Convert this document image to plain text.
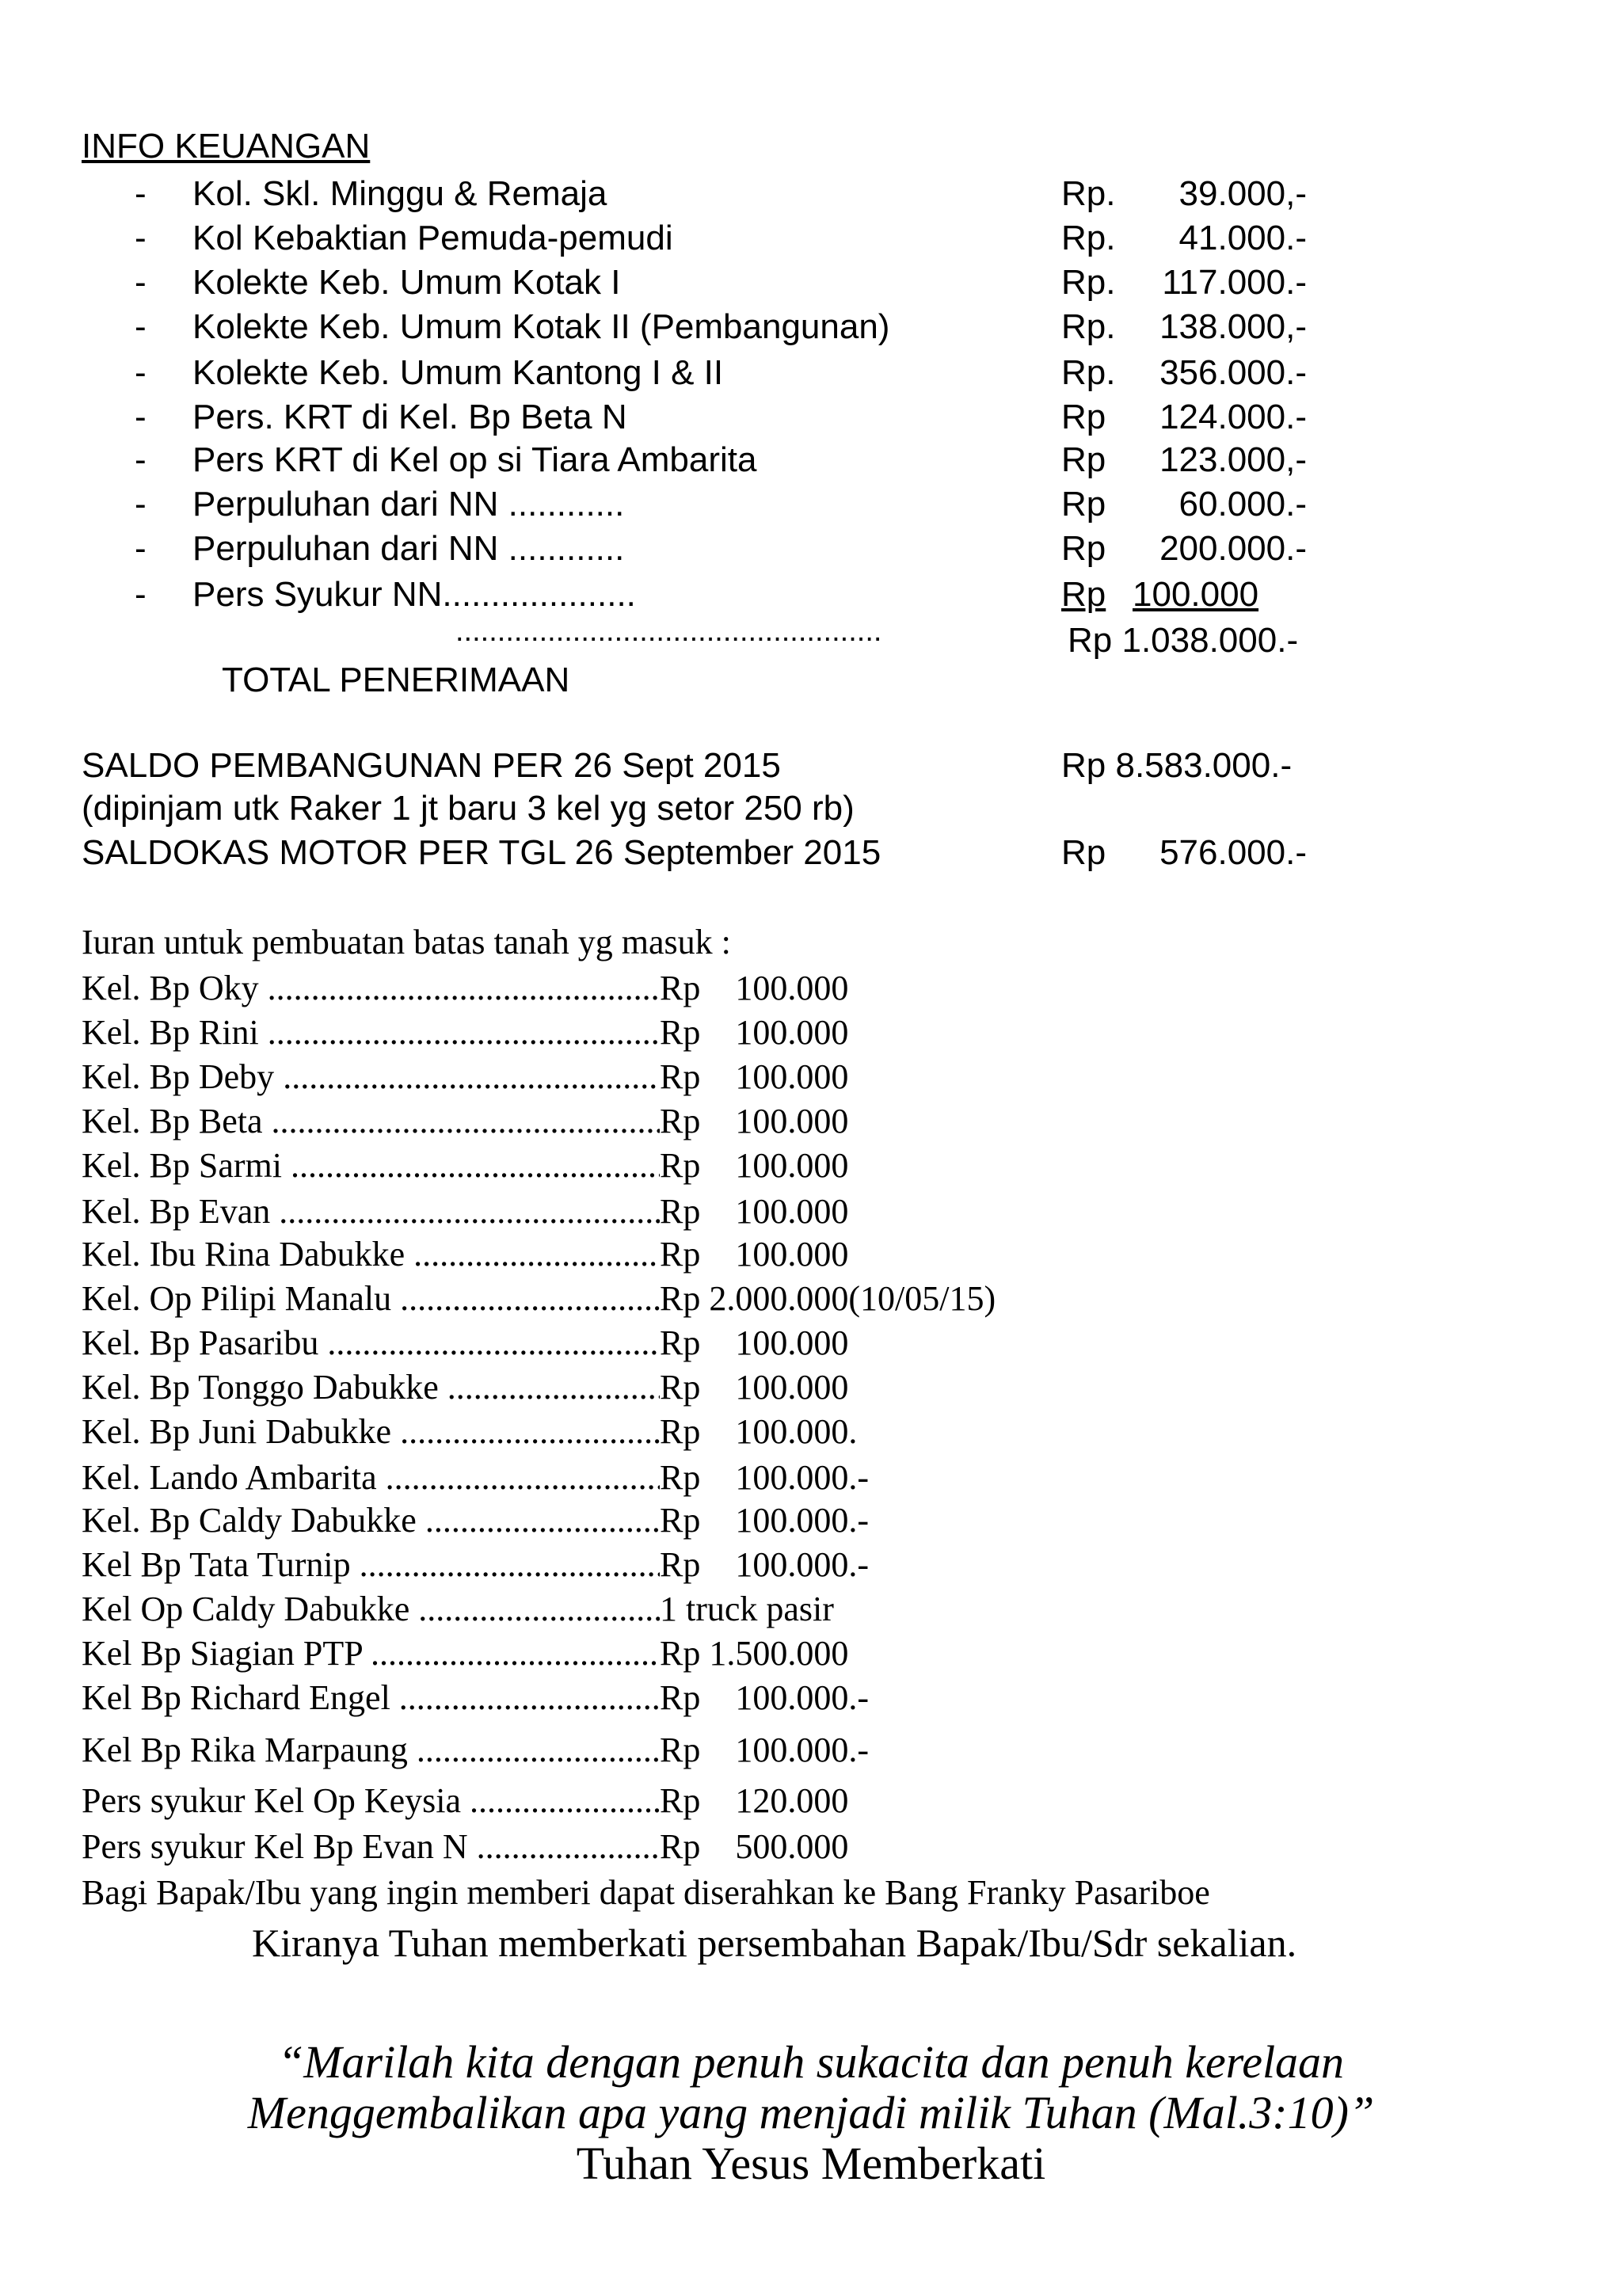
INFO KEUANGAN
- Kol. Skl. Minggu & Remaja	Rp.	39.000,-
- Kol Kebaktian Pemuda-pemudi	Rp.	41.000.-
- Kolekte Keb. Umum Kotak I	Rp.	117.000.-
- Kolekte Keb. Umum Kotak II (Pembangunan)	Rp.	138.000,-
- Kolekte Keb. Umum Kantong I & II	Rp.	356.000.-
- Pers. KRT di Kel. Bp Beta N	Rp	124.000.-
- Pers KRT di Kel op si Tiara Ambarita	Rp	123.000,-
- Perpuluhan dari NN ............	Rp	60.000.-
- Perpuluhan dari NN ............	Rp	200.000.-
- Pers Syukur NN....................	Rp 100.000
...................................................	Rp 1.038.000.-
TOTAL PENERIMAAN
SALDO PEMBANGUNAN PER 26 Sept 2015	Rp 8.583.000.-
(dipinjam utk Raker 1 jt baru 3 kel yg setor 250 rb)
SALDOKAS MOTOR PER TGL 26 September 2015	Rp	576.000.-
Iuran untuk pembuatan batas tanah yg masuk :
Kel. Bp Oky .....	Rp    100.000
Kel. Bp Rini .....	Rp    100.000
Kel. Bp Deby .....	Rp    100.000
Kel. Bp Beta .....	Rp    100.000
Kel. Bp Sarmi .....	Rp    100.000
Kel. Bp Evan .....	Rp    100.000
Kel. Ibu Rina Dabukke .....	Rp    100.000
Kel. Op Pilipi Manalu .....	Rp 2.000.000(10/05/15)
Kel. Bp Pasaribu .....	Rp    100.000
Kel. Bp Tonggo Dabukke .....	Rp    100.000
Kel. Bp Juni Dabukke .....	Rp    100.000.
Kel. Lando Ambarita .....	Rp    100.000.-
Kel. Bp Caldy Dabukke .....	Rp    100.000.-
Kel Bp Tata Turnip .....	Rp    100.000.-
Kel Op Caldy Dabukke .....	1 truck pasir
Kel Bp Siagian PTP .....	Rp 1.500.000
Kel Bp Richard Engel .....	Rp    100.000.-
Kel Bp Rika Marpaung .....	Rp    100.000.-
Pers syukur Kel Op Keysia .....	Rp    120.000
Pers syukur Kel Bp Evan N .....	Rp    500.000
Bagi Bapak/Ibu yang ingin memberi dapat diserahkan ke Bang Franky Pasariboe
Kiranya Tuhan memberkati persembahan Bapak/Ibu/Sdr sekalian.
“Marilah kita dengan penuh sukacita dan penuh kerelaan
Menggembalikan apa yang menjadi milik Tuhan (Mal.3:10)”
Tuhan Yesus Memberkati
